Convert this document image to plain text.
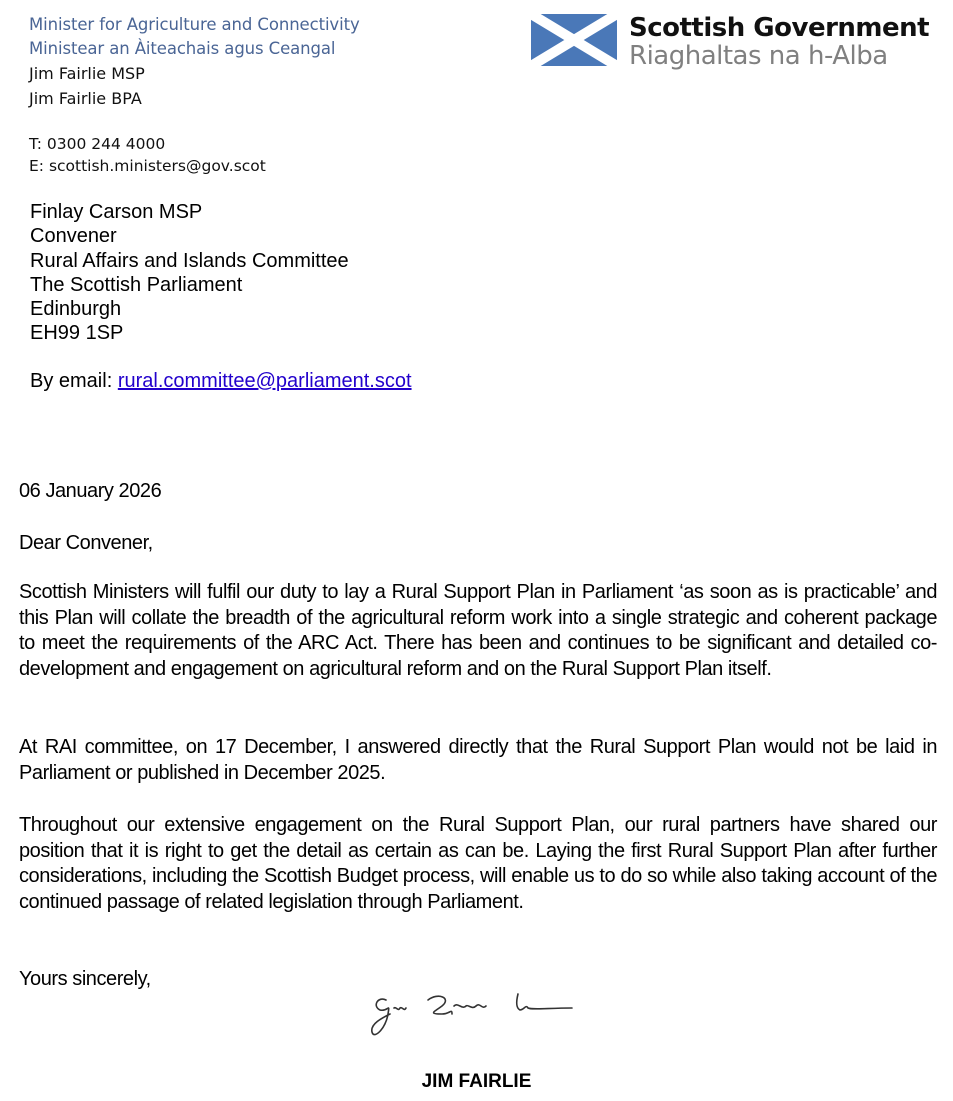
Minister for Agriculture and Connectivity
Ministear an Àiteachais agus Ceangal
Jim Fairlie MSP
Jim Fairlie BPA
T: 0300 244 4000
E: scottish.ministers@gov.scot
Scottish Government
Riaghaltas na h-Alba
Finlay Carson MSP
Convener
Rural Affairs and Islands Committee
The Scottish Parliament
Edinburgh
EH99 1SP
By email: rural.committee@parliament.scot
06 January 2026
Dear Convener,
Scottish Ministers will fulfil our duty to lay a Rural Support Plan in Parliament ‘as soon as is practicable’ and this Plan will collate the breadth of the agricultural reform work into a single strategic and coherent package to meet the requirements of the ARC Act. There has been and continues to be significant and detailed co-development and engagement on agricultural reform and on the Rural Support Plan itself.
At RAI committee, on 17 December, I answered directly that the Rural Support Plan would not be laid in Parliament or published in December 2025.
Throughout our extensive engagement on the Rural Support Plan, our rural partners have shared our position that it is right to get the detail as certain as can be. Laying the first Rural Support Plan after further considerations, including the Scottish Budget process, will enable us to do so while also taking account of the continued passage of related legislation through Parliament.
Yours sincerely,
JIM FAIRLIE
